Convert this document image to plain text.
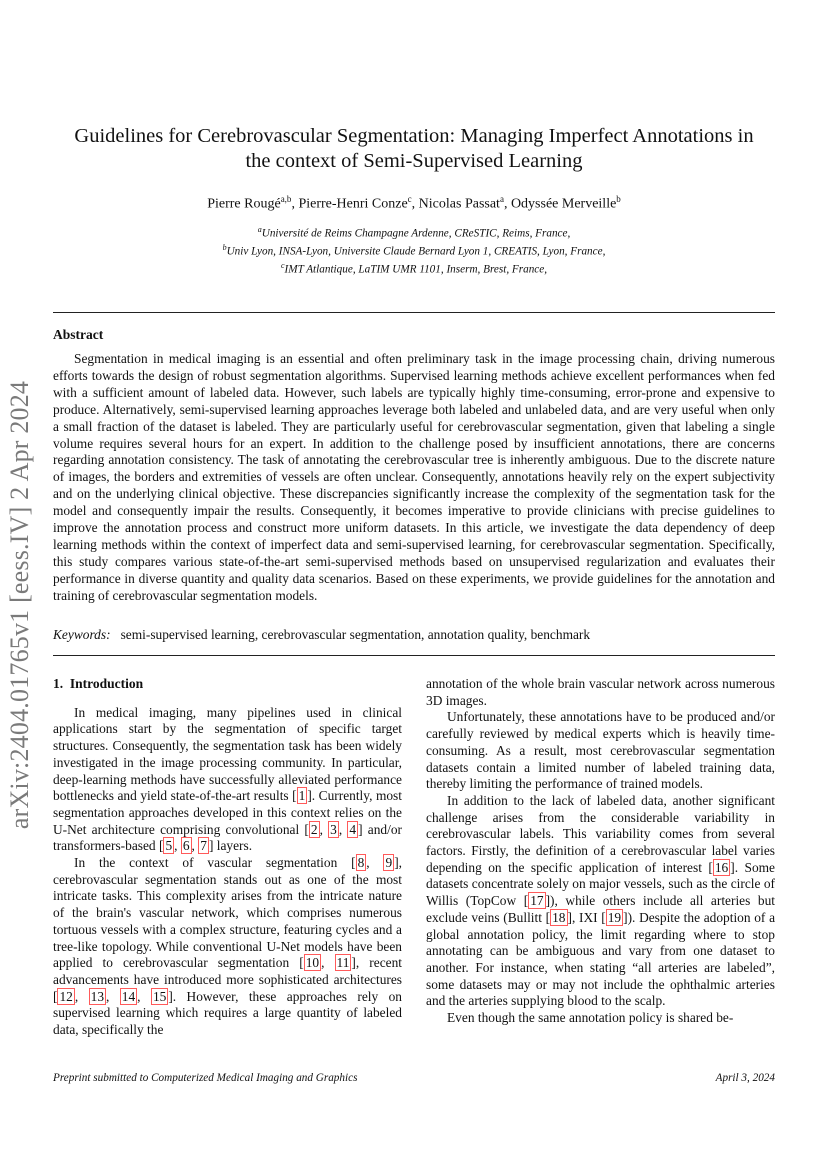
arXiv:2404.01765v1 [eess.IV] 2 Apr 2024
Guidelines for Cerebrovascular Segmentation: Managing Imperfect Annotations in the context of Semi-Supervised Learning
Pierre Rougé$^{a,b}$, Pierre-Henri Conze$^c$, Nicolas Passat$^a$, Odyssée Merveille$^b$
$^a$Université de Reims Champagne Ardenne, CReSTIC, Reims, France,
$^b$Univ Lyon, INSA-Lyon, Universite Claude Bernard Lyon 1, CREATIS, Lyon, France,
$^c$IMT Atlantique, LaTIM UMR 1101, Inserm, Brest, France,
Abstract

Segmentation in medical imaging is an essential and often preliminary task in the image processing chain, driving numerous efforts towards the design of robust segmentation algorithms. Supervised learning methods achieve excellent performances when fed with a sufficient amount of labeled data. However, such labels are typically highly time-consuming, error-prone and expensive to produce. Alternatively, semi-supervised learning approaches leverage both labeled and unlabeled data, and are very useful when only a small fraction of the dataset is labeled. They are particularly useful for cerebrovascular segmentation, given that labeling a single volume requires several hours for an expert. In addition to the challenge posed by insufficient annotations, there are concerns regarding annotation consistency. The task of annotating the cerebrovascular tree is inherently ambiguous. Due to the discrete nature of images, the borders and extremities of vessels are often unclear. Consequently, annotations heavily rely on the expert subjectivity and on the underlying clinical objective. These discrepancies significantly increase the complexity of the segmentation task for the model and consequently impair the results. Consequently, it becomes imperative to provide clinicians with precise guidelines to improve the annotation process and construct more uniform datasets. In this article, we investigate the data dependency of deep learning methods within the context of imperfect data and semi-supervised learning, for cerebrovascular segmentation. Specifically, this study compares various state-of-the-art semi-supervised methods based on unsupervised regularization and evaluates their performance in diverse quantity and quality data scenarios. Based on these experiments, we provide guidelines for the annotation and training of cerebrovascular segmentation models.

Keywords: semi-supervised learning, cerebrovascular segmentation, annotation quality, benchmark
1. Introduction

In medical imaging, many pipelines used in clinical applications start by the segmentation of specific target structures. Consequently, the segmentation task has been widely investigated in the image processing community. In particular, deep-learning methods have successfully alleviated performance bottlenecks and yield state-of-the-art results [ 1 ]. Currently, most segmentation approaches developed in this context relies on the U-Net architecture comprising convolutional [ 2 , 3 , 4 ] and/or transformers-based [ 5 , 6 , 7 ] layers.

In the context of vascular segmentation [ 8 , 9 ], cerebrovascular segmentation stands out as one of the most intricate tasks. This complexity arises from the intricate nature of the brain's vascular network, which comprises numerous tortuous vessels with a complex structure, featuring cycles and a tree-like topology. While conventional U-Net models have been applied to cerebrovascular segmentation [ 10 , 11 ], recent advancements have introduced more sophisticated architectures [ 12 , 13 , 14 , 15 ]. However, these approaches rely on supervised learning which requires a large quantity of labeled data, specifically the

annotation of the whole brain vascular network across numerous 3D images.

Unfortunately, these annotations have to be produced and/or carefully reviewed by medical experts which is heavily time-consuming. As a result, most cerebrovascular segmentation datasets contain a limited number of labeled training data, thereby limiting the performance of trained models.

In addition to the lack of labeled data, another significant challenge arises from the considerable variability in cerebrovascular labels. This variability comes from several factors. Firstly, the definition of a cerebrovascular label varies depending on the specific application of interest [ 16 ]. Some datasets concentrate solely on major vessels, such as the circle of Willis (TopCow [ 17 ]), while others include all arteries but exclude veins (Bullitt [ 18 ], IXI [ 19 ]). Despite the adoption of a global annotation policy, the limit regarding where to stop annotating can be ambiguous and vary from one dataset to another. For instance, when stating “all arteries are labeled”, some datasets may or may not include the ophthalmic arteries and the arteries supplying blood to the scalp.

Even though the same annotation policy is shared be-

Preprint submitted to Computerized Medical Imaging and Graphics	April 3, 2024
